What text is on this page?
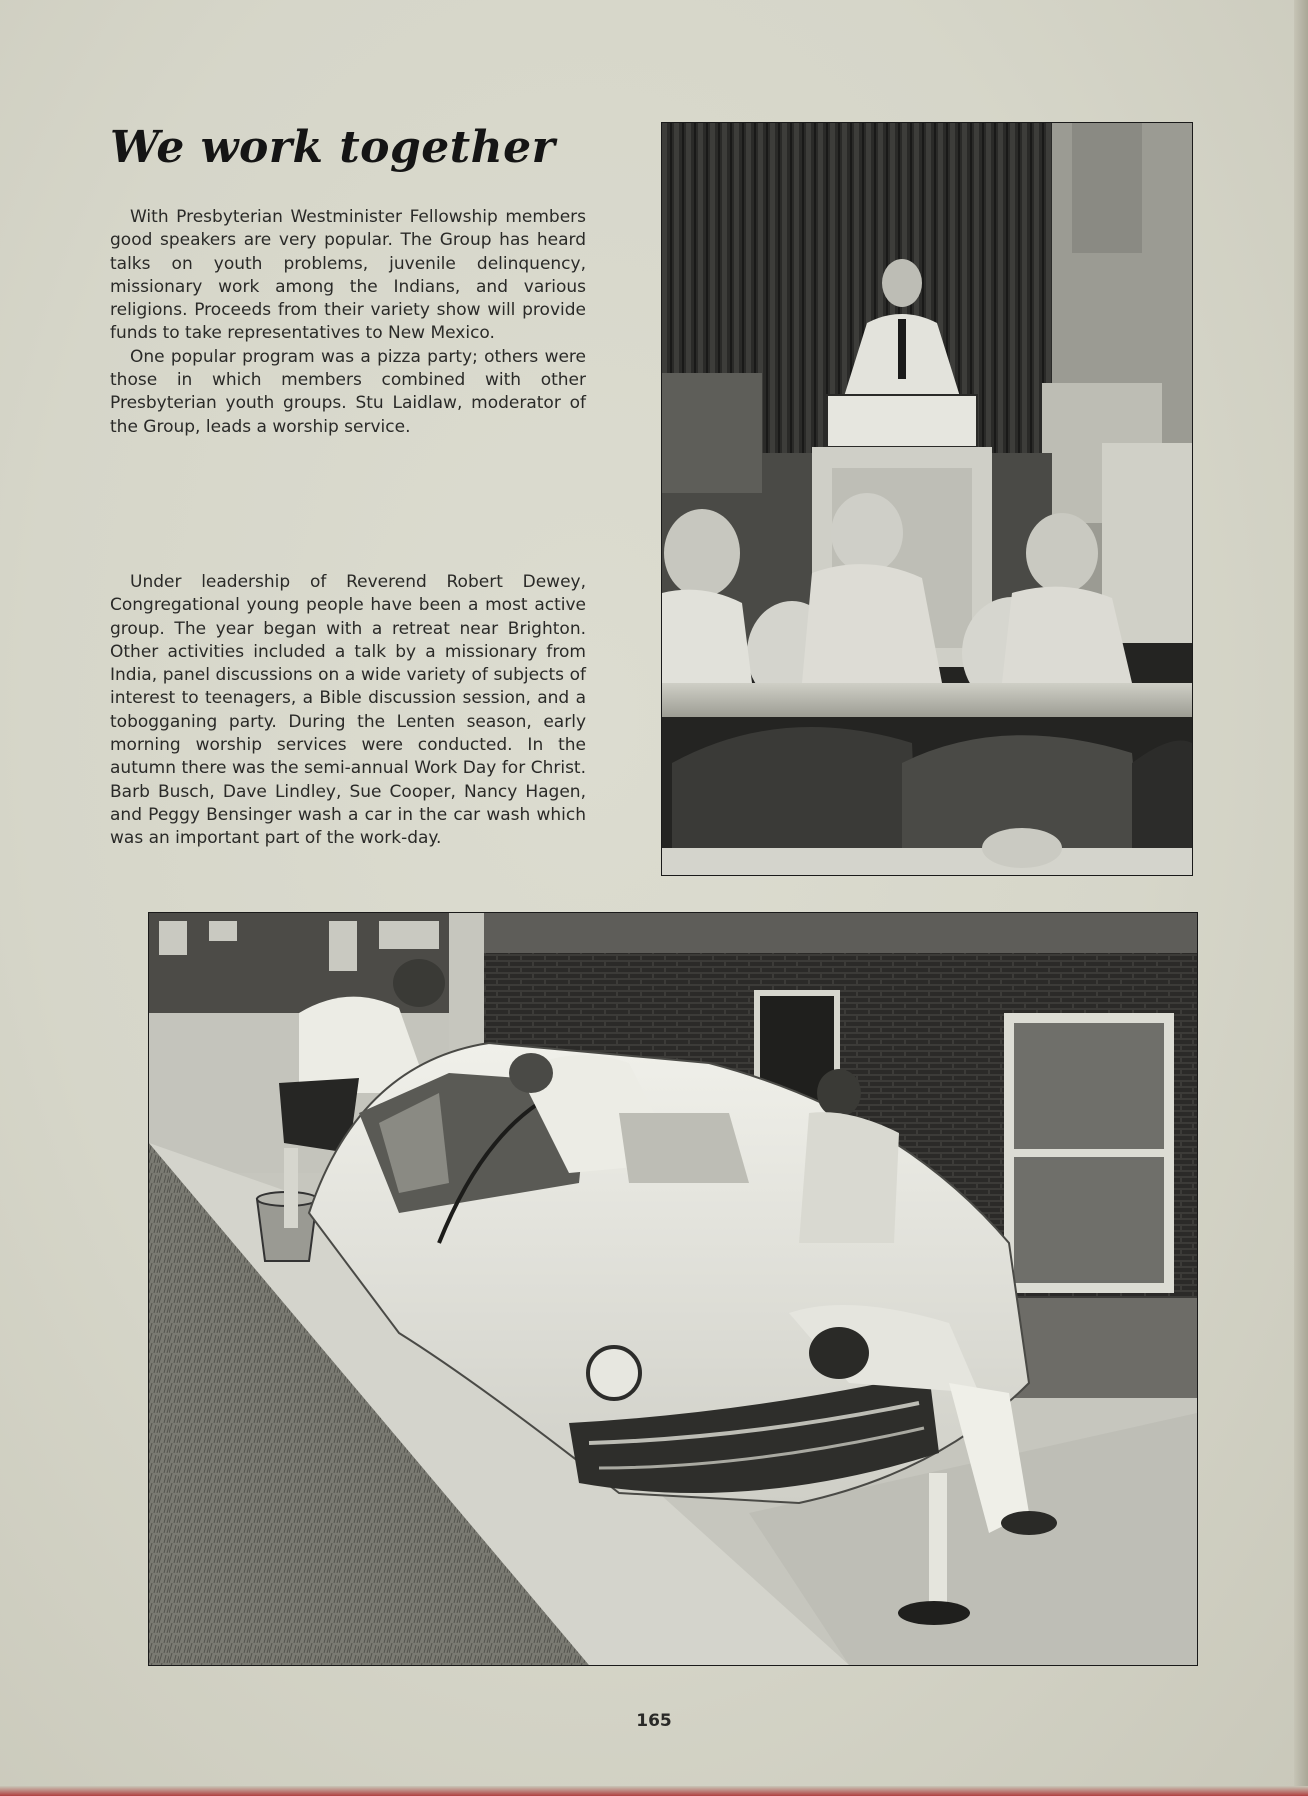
We work together

With Presbyterian Westminister Fellowship members good speakers are very popular. The Group has heard talks on youth problems, juvenile delinquency, missionary work among the Indians, and various religions. Proceeds from their variety show will provide funds to take representatives to New Mexico.

One popular program was a pizza party; others were those in which members combined with other Presbyterian youth groups. Stu Laidlaw, moderator of the Group, leads a worship service.

Under leadership of Reverend Robert Dewey, Congregational young people have been a most active group. The year began with a retreat near Brighton. Other activities included a talk by a missionary from India, panel discussions on a wide variety of subjects of interest to teenagers, a Bible discussion session, and a tobogganing party. During the Lenten season, early morning worship services were conducted. In the autumn there was the semi-annual Work Day for Christ. Barb Busch, Dave Lindley, Sue Cooper, Nancy Hagen, and Peggy Bensinger wash a car in the car wash which was an important part of the work-day.

165
